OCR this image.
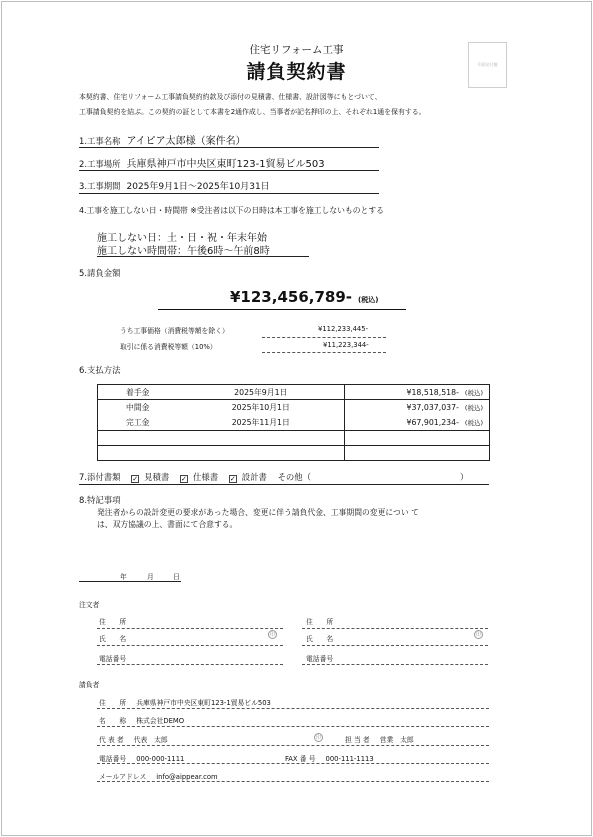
印紙貼付欄
住宅リフォーム工事
請負契約書
本契約書、住宅リフォーム工事請負契約約款及び添付の見積書、仕様書、設計図等にもとづいて、
工事請負契約を結ぶ。この契約の証として本書を2通作成し、当事者が記名押印の上、それぞれ1通を保有する。
1.工事名称 アイピア太郎様（案件名）
2.工事場所 兵庫県神戸市中央区東町123-1貿易ビル503
3.工事期間 2025年9月1日～2025年10月31日
4.工事を施工しない日・時間帯 ※受注者は以下の日時は本工事を施工しないものとする
施工しない日：土・日・祝・年末年始
施工しない時間帯：午後6時～午前8時
5.請負金額
¥123,456,789- (税込)
うち工事価格（消費税等額を除く）	¥112,233,445-
取引に係る消費税等額（10%）	¥11,223,344-
6.支払方法
着手金	2025年9月1日	¥18,518,518- (税込)
中間金	2025年10月1日	¥37,037,037- (税込)
完工金	2025年11月1日	¥67,901,234- (税込)

7.添付書類 ✓ 見積書 ✓ 仕様書 ✓ 設計書 その他（	）
8.特記事項
発注者からの設計変更の要求があった場合、変更に伴う請負代金、工事期間の変更につい て
は、双方協議の上、書面にて合意する。
年	月	日
注文者
住　　所
氏　　名	印
電話番号
住　　所
氏　　名	印
電話番号
請負者
住　　所 兵庫県神戸市中央区東町123-1貿易ビル503
名　　称 株式会社DEMO
代 表 者 代表　太郎	印	担 当 者 営業　太郎
電話番号 000-000-1111	FAX 番 号 000-111-1113
メールアドレス info@aippear.com
